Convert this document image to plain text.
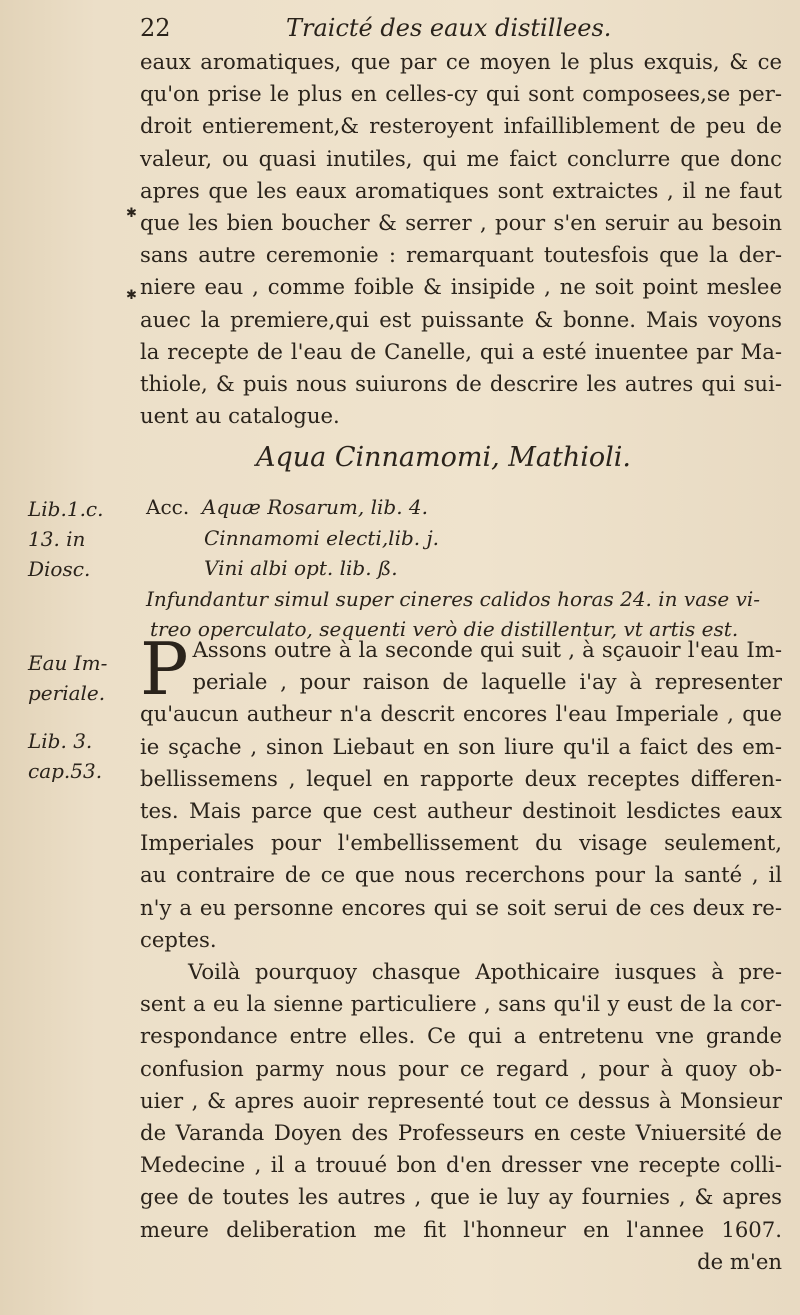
22	Traicté des eaux distillees.
eaux aromatiques, que par ce moyen le plus exquis, & ce
qu'on prise le plus en celles-cy qui sont composees,se per-
droit entierement,& resteroyent infailliblement de peu de
valeur, ou quasi inutiles, qui me faict conclurre que donc
apres que les eaux aromatiques sont extraictes , il ne faut
que les bien boucher & serrer , pour s'en seruir au besoin
sans autre ceremonie : remarquant toutesfois que la der-
niere eau , comme foible & insipide , ne soit point meslee
auec la premiere,qui est puissante & bonne. Mais voyons
la recepte de l'eau de Canelle, qui a esté inuentee par Ma-
thiole, & puis nous suiurons de descrire les autres qui sui-
uent au catalogue.
Aqua Cinnamomi, Mathioli.
Lib.1.c.
13. in
Diosc.
Acc. Aquæ Rosarum, lib. 4.
Cinnamomi electi,lib. j.
Vini albi opt. lib. ß.
Infundantur simul super cineres calidos horas 24. in vase vi-
treo operculato, sequenti verò die distillentur, vt artis est.
Eau Im-
periale.
Lib. 3.
cap.53.
P Assons outre à la seconde qui suit , à sçauoir l'eau Im-
periale , pour raison de laquelle i'ay à representer
qu'aucun autheur n'a descrit encores l'eau Imperiale , que
ie sçache , sinon Liebaut en son liure qu'il a faict des em-
bellissemens , lequel en rapporte deux receptes differen-
tes. Mais parce que cest autheur destinoit lesdictes eaux
Imperiales pour l'embellissement du visage seulement,
au contraire de ce que nous recerchons pour la santé , il
n'y a eu personne encores qui se soit serui de ces deux re-
ceptes.
Voilà pourquoy chasque Apothicaire iusques à pre-
sent a eu la sienne particuliere , sans qu'il y eust de la cor-
respondance entre elles. Ce qui a entretenu vne grande
confusion parmy nous pour ce regard , pour à quoy ob-
uier , & apres auoir representé tout ce dessus à Monsieur
de Varanda Doyen des Professeurs en ceste Vniuersité de
Medecine , il a trouué bon d'en dresser vne recepte colli-
gee de toutes les autres , que ie luy ay fournies , & apres
meure deliberation me fit l'honneur en l'annee 1607.
de m'en
✱
✱
